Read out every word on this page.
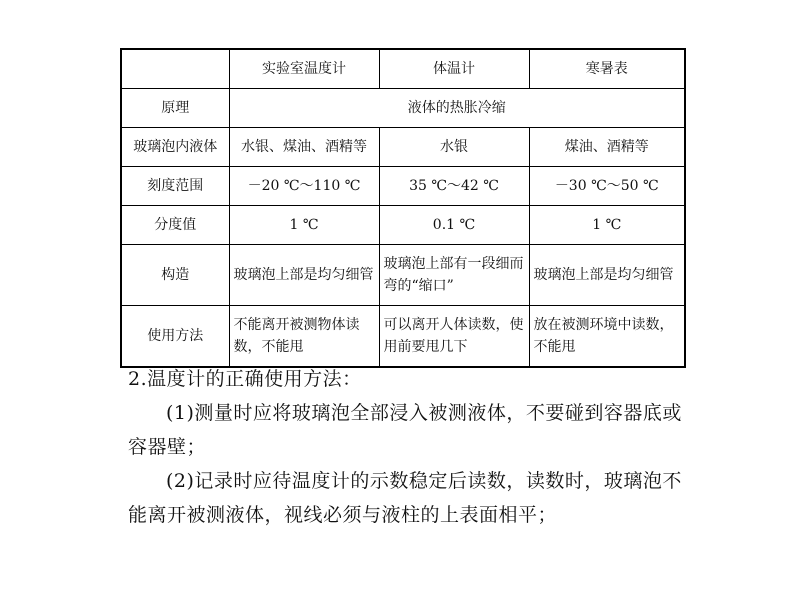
	实验室温度计	体温计	寒暑表
原理	液体的热胀冷缩		
玻璃泡内液体	水银、煤油、酒精等	水银	煤油、酒精等
刻度范围	－20 ℃～110 ℃	35 ℃～42 ℃	－30 ℃～50 ℃
分度值	1 ℃	0.1 ℃	1 ℃
构造	玻璃泡上部是均匀细管	玻璃泡上部有一段细而弯的“缩口”	玻璃泡上部是均匀细管
使用方法	不能离开被测物体读数，不能甩	可以离开人体读数，使用前要甩几下	放在被测环境中读数，不能甩

2.温度计的正确使用方法：

(1)测量时应将玻璃泡全部浸入被测液体，不要碰到容器底或容器壁；

(2)记录时应待温度计的示数稳定后读数，读数时，玻璃泡不能离开被测液体，视线必须与液柱的上表面相平；
